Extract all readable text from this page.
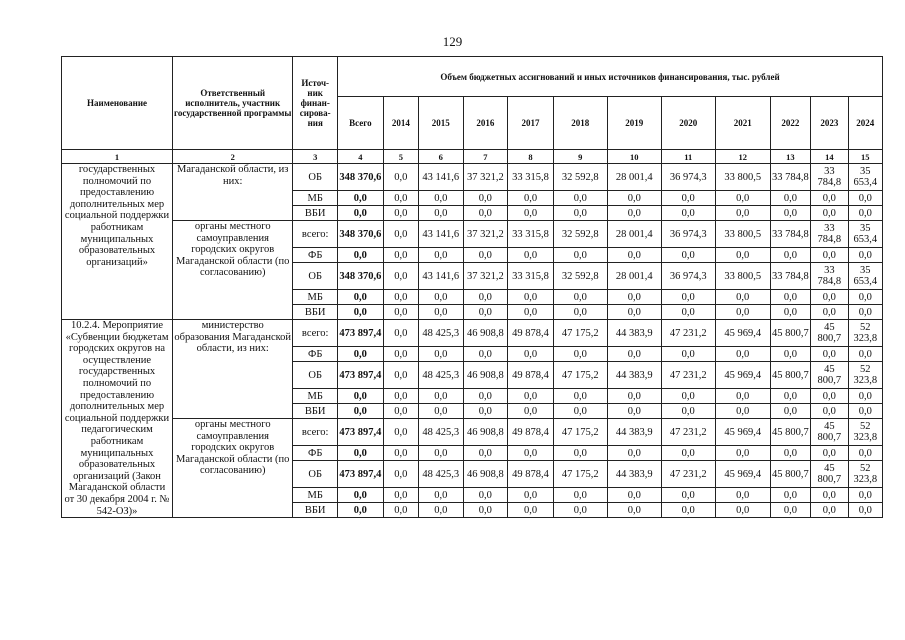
129
Наименование	Ответственный исполнитель, участник государственной программы	Источ-ник финан-сирова-ния	Объем бюджетных ассигнований и иных источников финансирования, тыс. рублей											
			Всего	2014	2015	2016	2017	2018	2019	2020	2021	2022	2023	2024
1	2	3	4	5	6	7	8	9	10	11	12	13	14	15
государственных полномочий по предоставлению дополнительных мер социальной поддержки работникам муниципальных образовательных организаций»	Магаданской области, из них:	ОБ	348 370,6	0,0	43 141,6	37 321,2	33 315,8	32 592,8	28 001,4	36 974,3	33 800,5	33 784,8	33 784,8	35 653,4
		МБ	0,0	0,0	0,0	0,0	0,0	0,0	0,0	0,0	0,0	0,0	0,0	0,0
		ВБИ	0,0	0,0	0,0	0,0	0,0	0,0	0,0	0,0	0,0	0,0	0,0	0,0
	органы местного самоуправления городских округов Магаданской области (по согласованию)	всего:	348 370,6	0,0	43 141,6	37 321,2	33 315,8	32 592,8	28 001,4	36 974,3	33 800,5	33 784,8	33 784,8	35 653,4
		ФБ	0,0	0,0	0,0	0,0	0,0	0,0	0,0	0,0	0,0	0,0	0,0	0,0
		ОБ	348 370,6	0,0	43 141,6	37 321,2	33 315,8	32 592,8	28 001,4	36 974,3	33 800,5	33 784,8	33 784,8	35 653,4
		МБ	0,0	0,0	0,0	0,0	0,0	0,0	0,0	0,0	0,0	0,0	0,0	0,0
		ВБИ	0,0	0,0	0,0	0,0	0,0	0,0	0,0	0,0	0,0	0,0	0,0	0,0
10.2.4. Мероприятие «Субвенции бюджетам городских округов на осуществление государственных полномочий по предоставлению дополнительных мер социальной поддержки педагогическим работникам муниципальных образовательных организаций (Закон Магаданской области от 30 декабря 2004 г. № 542-ОЗ)»	министерство образования Магаданской области, из них:	всего:	473 897,4	0,0	48 425,3	46 908,8	49 878,4	47 175,2	44 383,9	47 231,2	45 969,4	45 800,7	45 800,7	52 323,8
		ФБ	0,0	0,0	0,0	0,0	0,0	0,0	0,0	0,0	0,0	0,0	0,0	0,0
		ОБ	473 897,4	0,0	48 425,3	46 908,8	49 878,4	47 175,2	44 383,9	47 231,2	45 969,4	45 800,7	45 800,7	52 323,8
		МБ	0,0	0,0	0,0	0,0	0,0	0,0	0,0	0,0	0,0	0,0	0,0	0,0
		ВБИ	0,0	0,0	0,0	0,0	0,0	0,0	0,0	0,0	0,0	0,0	0,0	0,0
	органы местного самоуправления городских округов Магаданской области (по согласованию)	всего:	473 897,4	0,0	48 425,3	46 908,8	49 878,4	47 175,2	44 383,9	47 231,2	45 969,4	45 800,7	45 800,7	52 323,8
		ФБ	0,0	0,0	0,0	0,0	0,0	0,0	0,0	0,0	0,0	0,0	0,0	0,0
		ОБ	473 897,4	0,0	48 425,3	46 908,8	49 878,4	47 175,2	44 383,9	47 231,2	45 969,4	45 800,7	45 800,7	52 323,8
		МБ	0,0	0,0	0,0	0,0	0,0	0,0	0,0	0,0	0,0	0,0	0,0	0,0
		ВБИ	0,0	0,0	0,0	0,0	0,0	0,0	0,0	0,0	0,0	0,0	0,0	0,0
